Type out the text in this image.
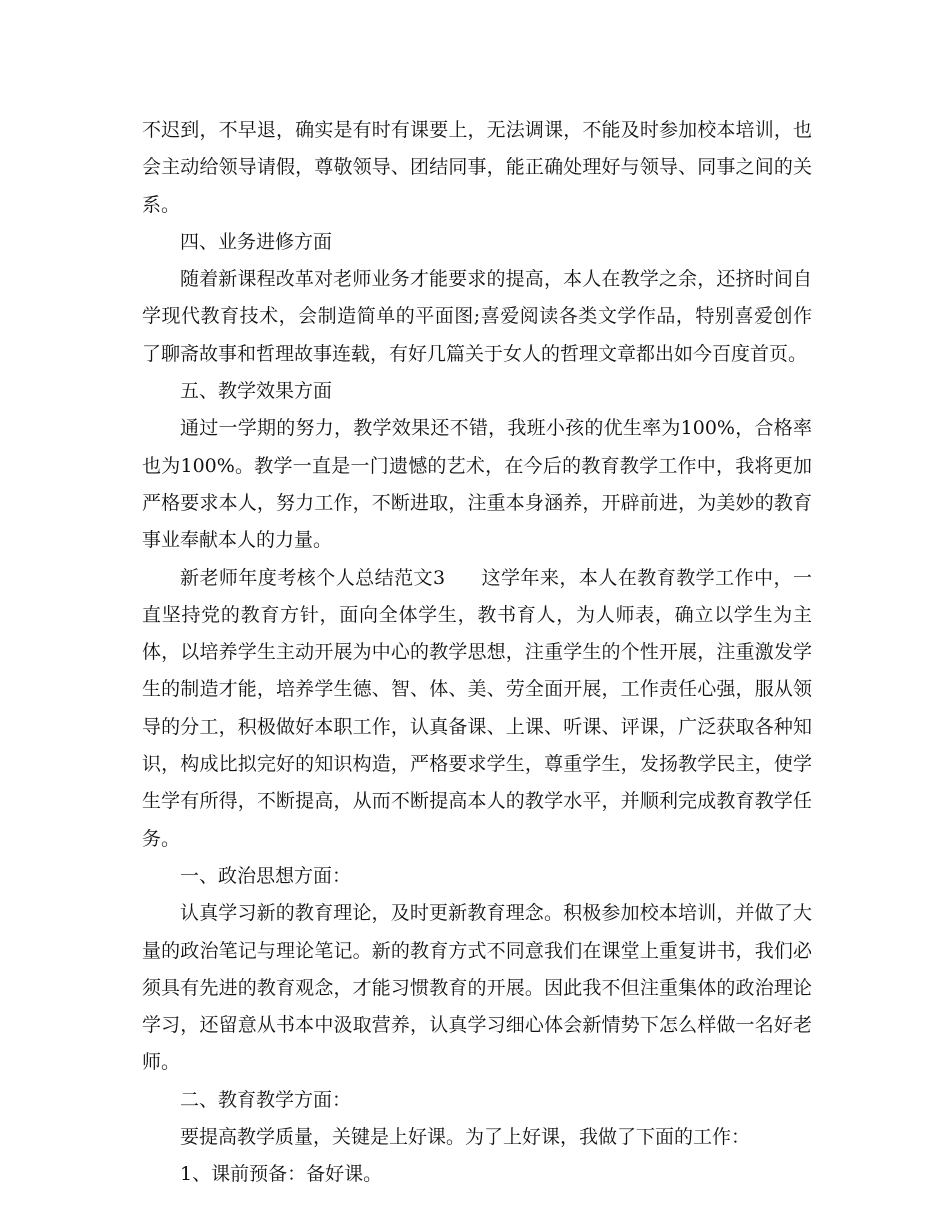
不迟到，不早退，确实是有时有课要上，无法调课，不能及时参加校本培训，也会主动给领导请假，尊敬领导、团结同事，能正确处理好与领导、同事之间的关系。

四、业务进修方面

随着新课程改革对老师业务才能要求的提高，本人在教学之余，还挤时间自学现代教育技术，会制造简单的平面图;喜爱阅读各类文学作品，特别喜爱创作了聊斋故事和哲理故事连载，有好几篇关于女人的哲理文章都出如今百度首页。

五、教学效果方面

通过一学期的努力，教学效果还不错，我班小孩的优生率为100%，合格率也为100%。教学一直是一门遗憾的艺术，在今后的教育教学工作中，我将更加严格要求本人，努力工作，不断进取，注重本身涵养，开辟前进，为美妙的教育事业奉献本人的力量。

新老师年度考核个人总结范文3 这学年来，本人在教育教学工作中，一直坚持党的教育方针，面向全体学生，教书育人，为人师表，确立以学生为主体，以培养学生主动开展为中心的教学思想，注重学生的个性开展，注重激发学生的制造才能，培养学生德、智、体、美、劳全面开展，工作责任心强，服从领导的分工，积极做好本职工作，认真备课、上课、听课、评课，广泛获取各种知识，构成比拟完好的知识构造，严格要求学生，尊重学生，发扬教学民主，使学生学有所得，不断提高，从而不断提高本人的教学水平，并顺利完成教育教学任务。

一、政治思想方面：

认真学习新的教育理论，及时更新教育理念。积极参加校本培训，并做了大量的政治笔记与理论笔记。新的教育方式不同意我们在课堂上重复讲书，我们必须具有先进的教育观念，才能习惯教育的开展。因此我不但注重集体的政治理论学习，还留意从书本中汲取营养，认真学习细心体会新情势下怎么样做一名好老师。

二、教育教学方面：

要提高教学质量，关键是上好课。为了上好课，我做了下面的工作：

1、课前预备：备好课。
